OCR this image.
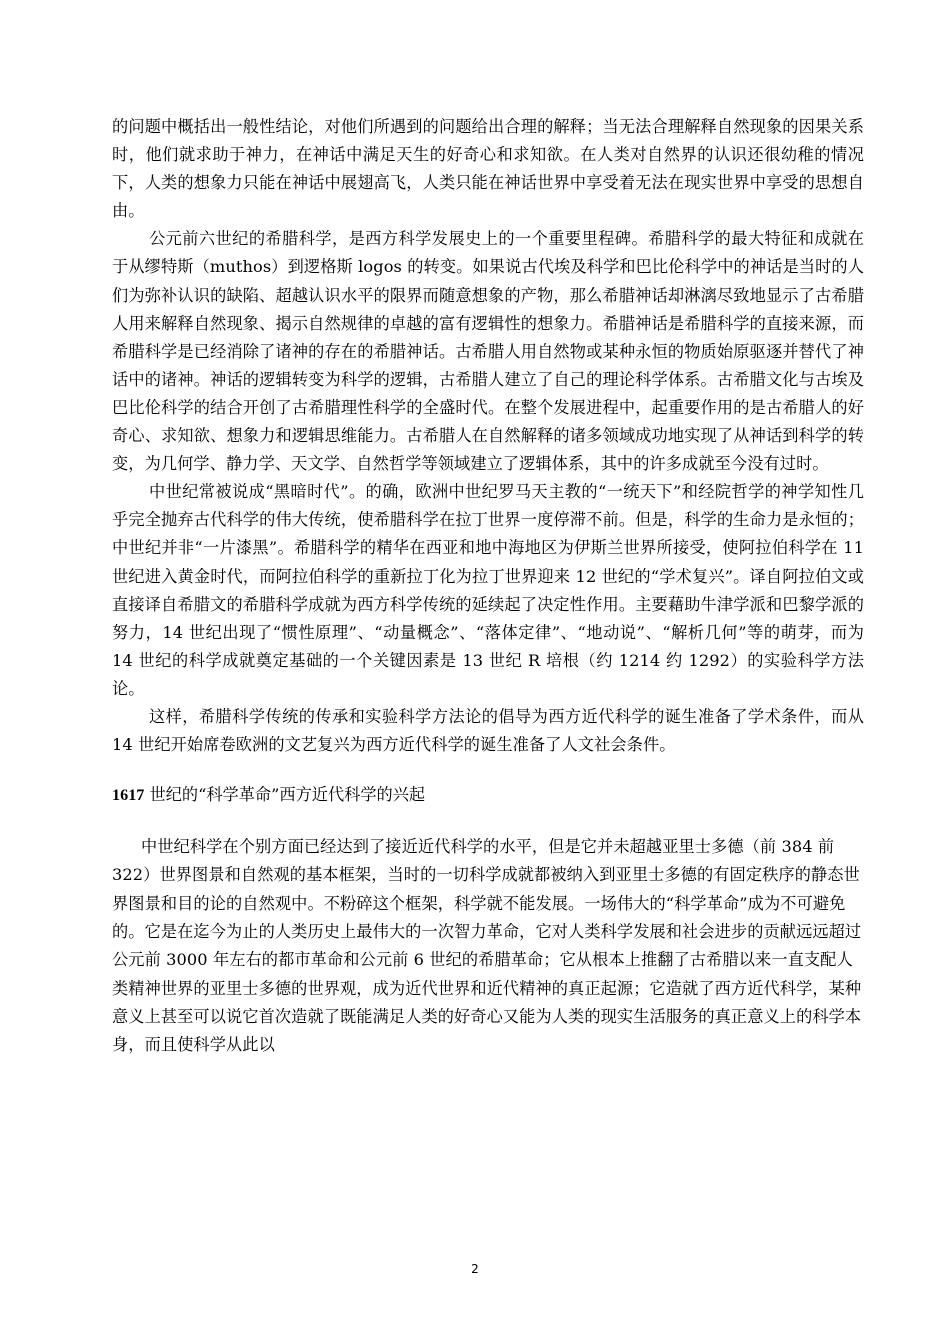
的问题中概括出一般性结论，对他们所遇到的问题给出合理的解释；当无法合理解释自然现象的因果关系时，他们就求助于神力，在神话中满足天生的好奇心和求知欲。在人类对自然界的认识还很幼稚的情况下，人类的想象力只能在神话中展翅高飞，人类只能在神话世界中享受着无法在现实世界中享受的思想自由。

公元前六世纪的希腊科学，是西方科学发展史上的一个重要里程碑。希腊科学的最大特征和成就在于从缪特斯（muthos）到逻格斯 logos 的转变。如果说古代埃及科学和巴比伦科学中的神话是当时的人们为弥补认识的缺陷、超越认识水平的限界而随意想象的产物，那么希腊神话却淋漓尽致地显示了古希腊人用来解释自然现象、揭示自然规律的卓越的富有逻辑性的想象力。希腊神话是希腊科学的直接来源，而希腊科学是已经消除了诸神的存在的希腊神话。古希腊人用自然物或某种永恒的物质始原驱逐并替代了神话中的诸神。神话的逻辑转变为科学的逻辑，古希腊人建立了自己的理论科学体系。古希腊文化与古埃及巴比伦科学的结合开创了古希腊理性科学的全盛时代。在整个发展进程中，起重要作用的是古希腊人的好奇心、求知欲、想象力和逻辑思维能力。古希腊人在自然解释的诸多领域成功地实现了从神话到科学的转变，为几何学、静力学、天文学、自然哲学等领域建立了逻辑体系，其中的许多成就至今没有过时。

中世纪常被说成“黑暗时代”。的确，欧洲中世纪罗马天主教的“一统天下”和经院哲学的神学知性几乎完全抛弃古代科学的伟大传统，使希腊科学在拉丁世界一度停滞不前。但是，科学的生命力是永恒的；中世纪并非“一片漆黑”。希腊科学的精华在西亚和地中海地区为伊斯兰世界所接受，使阿拉伯科学在 11 世纪进入黄金时代，而阿拉伯科学的重新拉丁化为拉丁世界迎来 12 世纪的“学术复兴”。译自阿拉伯文或直接译自希腊文的希腊科学成就为西方科学传统的延续起了决定性作用。主要藉助牛津学派和巴黎学派的努力，14 世纪出现了“惯性原理”、“动量概念”、“落体定律”、“地动说”、“解析几何”等的萌芽，而为 14 世纪的科学成就奠定基础的一个关键因素是 13 世纪 R 培根（约 1214 约 1292）的实验科学方法论。

这样，希腊科学传统的传承和实验科学方法论的倡导为西方近代科学的诞生准备了学术条件，而从 14 世纪开始席卷欧洲的文艺复兴为西方近代科学的诞生准备了人文社会条件。

1617 世纪的“科学革命”西方近代科学的兴起

中世纪科学在个别方面已经达到了接近近代科学的水平，但是它并未超越亚里士多德（前 384 前 322）世界图景和自然观的基本框架，当时的一切科学成就都被纳入到亚里士多德的有固定秩序的静态世界图景和目的论的自然观中。不粉碎这个框架，科学就不能发展。一场伟大的“科学革命”成为不可避免的。它是在迄今为止的人类历史上最伟大的一次智力革命，它对人类科学发展和社会进步的贡献远远超过公元前 3000 年左右的都市革命和公元前 6 世纪的希腊革命；它从根本上推翻了古希腊以来一直支配人类精神世界的亚里士多德的世界观，成为近代世界和近代精神的真正起源；它造就了西方近代科学，某种意义上甚至可以说它首次造就了既能满足人类的好奇心又能为人类的现实生活服务的真正意义上的科学本身，而且使科学从此以

2
